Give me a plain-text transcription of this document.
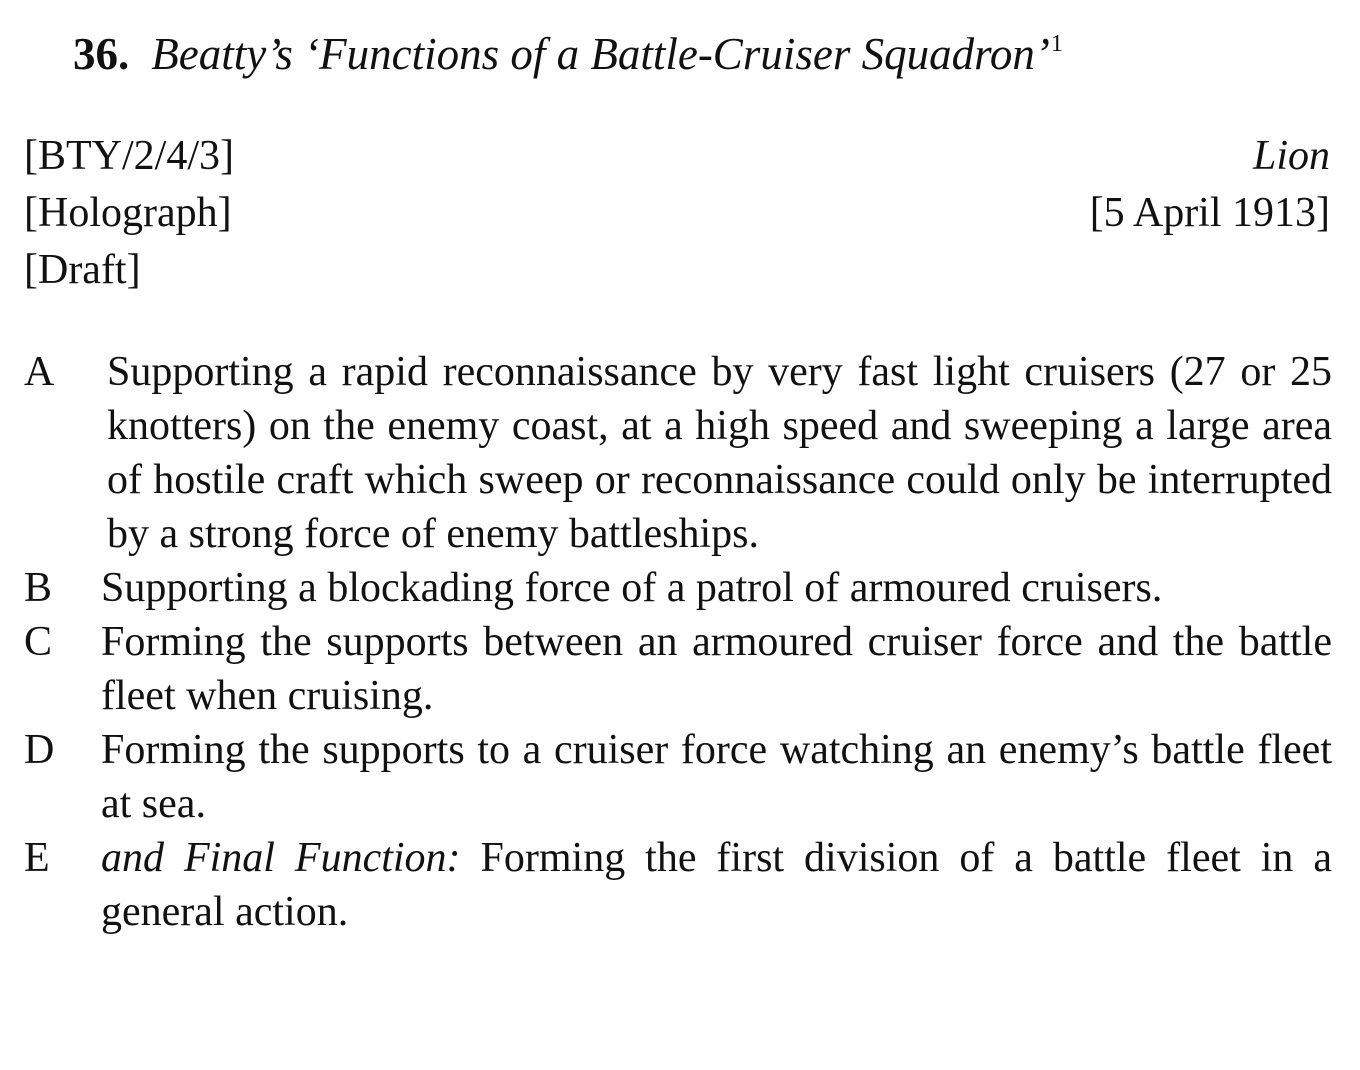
36. Beatty’s ‘Functions of a Battle-Cruiser Squadron’$^1$
[BTY/2/4/3]
[Holograph]
[Draft]
Lion
[5 April 1913]
A Supporting a rapid reconnaissance by very fast light cruisers (27 or 25 knotters) on the enemy coast, at a high speed and sweeping a large area of hostile craft which sweep or reconnaissance could only be interrupted by a strong force of enemy battleships.
B Supporting a blockading force of a patrol of armoured cruisers.
C Forming the supports between an armoured cruiser force and the battle fleet when cruising.
D Forming the supports to a cruiser force watching an enemy’s battle fleet at sea.
E and Final Function: Forming the first division of a battle fleet in a general action.
